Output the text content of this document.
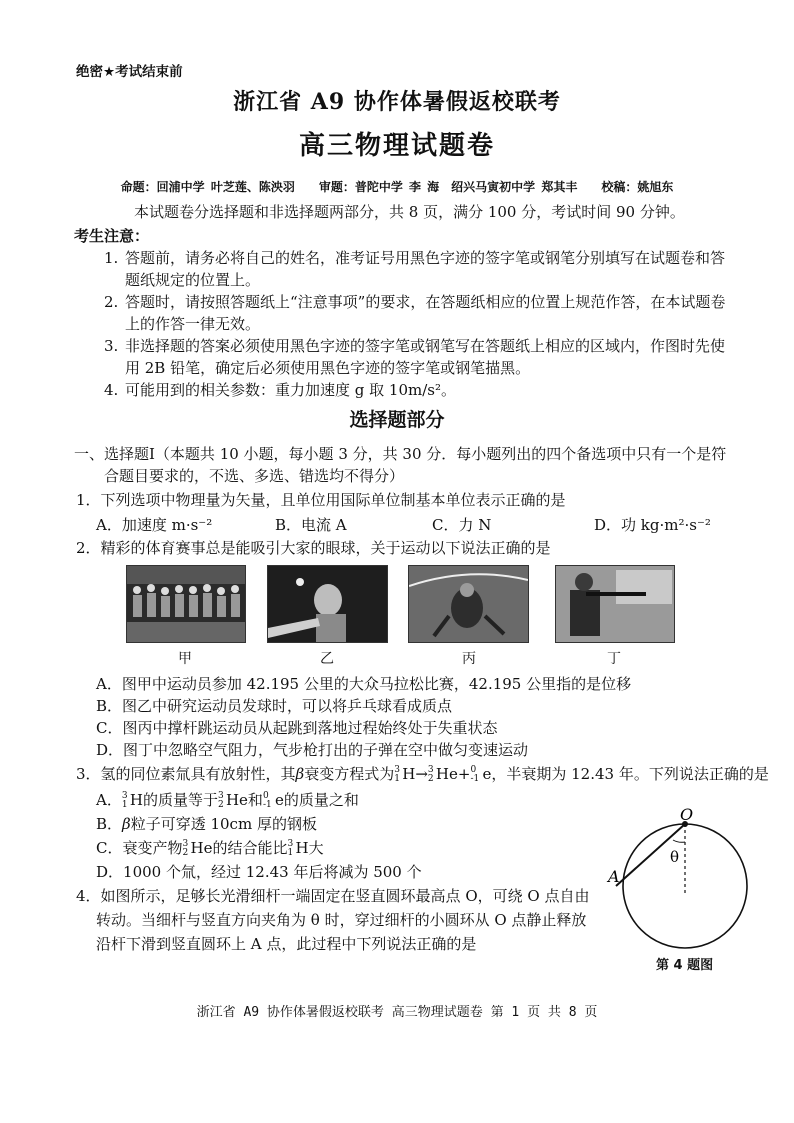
绝密★考试结束前
浙江省 A9 协作体暑假返校联考
高三物理试题卷
命题：回浦中学 叶芝莲、陈泱羽　　审题：普陀中学 李 海　绍兴马寅初中学 郑其丰　　校稿：姚旭东
本试题卷分选择题和非选择题两部分，共 8 页，满分 100 分，考试时间 90 分钟。
考生注意：
1. 答题前，请务必将自己的姓名，准考证号用黑色字迹的签字笔或钢笔分别填写在试题卷和答
题纸规定的位置上。
2. 答题时，请按照答题纸上“注意事项”的要求，在答题纸相应的位置上规范作答，在本试题卷
上的作答一律无效。
3. 非选择题的答案必须使用黑色字迹的签字笔或钢笔写在答题纸上相应的区域内，作图时先使
用 2B 铅笔，确定后必须使用黑色字迹的签字笔或钢笔描黑。
4. 可能用到的相关参数：重力加速度 g 取 10m/s²。
选择题部分
一、选择题Ⅰ（本题共 10 小题，每小题 3 分，共 30 分．每小题列出的四个备选项中只有一个是符
合题目要求的，不选、多选、错选均不得分）
1．下列选项中物理量为矢量，且单位用国际单位制基本单位表示正确的是
A．加速度 m·s⁻²	B．电流 A	C．力 N	D．功 kg·m²·s⁻²
2．精彩的体育赛事总是能吸引大家的眼球，关于运动以下说法正确的是
甲	乙	丙	丁
A．图甲中运动员参加 42.195 公里的大众马拉松比赛，42.195 公里指的是位移
B．图乙中研究运动员发球时，可以将乒乓球看成质点
C．图丙中撑杆跳运动员从起跳到落地过程始终处于失重状态
D．图丁中忽略空气阻力，气步枪打出的子弹在空中做匀变速运动
3．氢的同位素氚具有放射性，其β衰变方程式为 3
1 H→ 3
2 He+ 0
-1 e，半衰期为 12.43 年。下列说法正确的是
A． 3
1 H的质量等于 3
2 He和 0
-1 e的质量之和
B．β粒子可穿透 10cm 厚的钢板
C．衰变产物 3
2 He的结合能比 3
1 H大
D．1000 个氚，经过 12.43 年后将减为 500 个
4．如图所示，足够长光滑细杆一端固定在竖直圆环最高点 O，可绕 O 点自由
转动。当细杆与竖直方向夹角为 θ 时，穿过细杆的小圆环从 O 点静止释放
沿杆下滑到竖直圆环上 A 点，此过程中下列说法正确的是
O
A
θ
第 4 题图
浙江省 A9 协作体暑假返校联考 高三物理试题卷 第 1 页 共 8 页
